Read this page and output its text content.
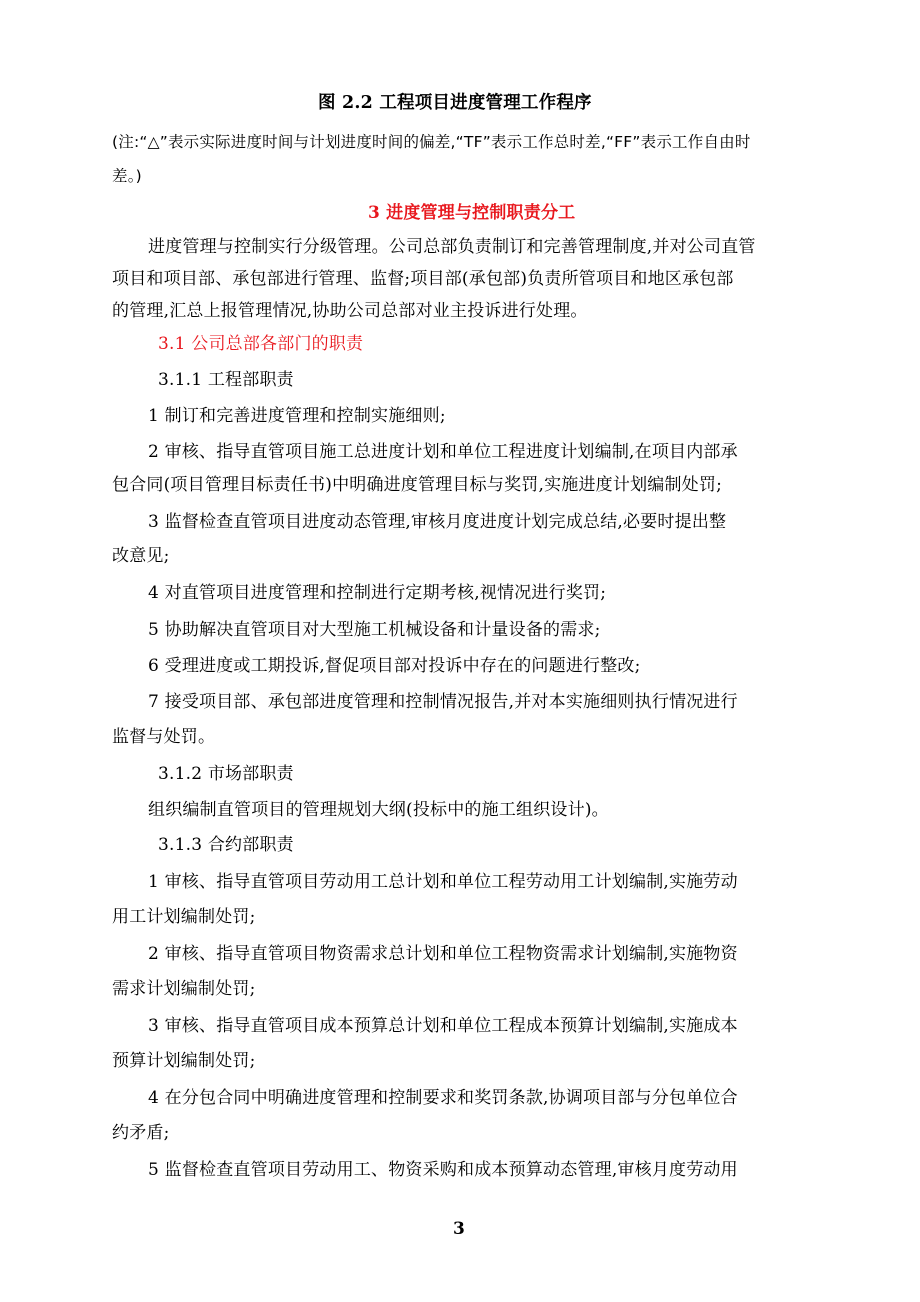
图 2.2 工程项目进度管理工作程序
(注:“△”表示实际进度时间与计划进度时间的偏差,“TF”表示工作总时差,“FF”表示工作自由时
差。)
3 进度管理与控制职责分工
进度管理与控制实行分级管理。公司总部负责制订和完善管理制度,并对公司直管
项目和项目部、承包部进行管理、监督;项目部(承包部)负责所管项目和地区承包部
的管理,汇总上报管理情况,协助公司总部对业主投诉进行处理。
3.1 公司总部各部门的职责
3.1.1 工程部职责
1 制订和完善进度管理和控制实施细则;
2 审核、指导直管项目施工总进度计划和单位工程进度计划编制,在项目内部承
包合同(项目管理目标责任书)中明确进度管理目标与奖罚,实施进度计划编制处罚;
3 监督检查直管项目进度动态管理,审核月度进度计划完成总结,必要时提出整
改意见;
4 对直管项目进度管理和控制进行定期考核,视情况进行奖罚;
5 协助解决直管项目对大型施工机械设备和计量设备的需求;
6 受理进度或工期投诉,督促项目部对投诉中存在的问题进行整改;
7 接受项目部、承包部进度管理和控制情况报告,并对本实施细则执行情况进行
监督与处罚。
3.1.2 市场部职责
组织编制直管项目的管理规划大纲(投标中的施工组织设计)。
3.1.3 合约部职责
1 审核、指导直管项目劳动用工总计划和单位工程劳动用工计划编制,实施劳动
用工计划编制处罚;
2 审核、指导直管项目物资需求总计划和单位工程物资需求计划编制,实施物资
需求计划编制处罚;
3 审核、指导直管项目成本预算总计划和单位工程成本预算计划编制,实施成本
预算计划编制处罚;
4 在分包合同中明确进度管理和控制要求和奖罚条款,协调项目部与分包单位合
约矛盾;
5 监督检查直管项目劳动用工、物资采购和成本预算动态管理,审核月度劳动用
3
